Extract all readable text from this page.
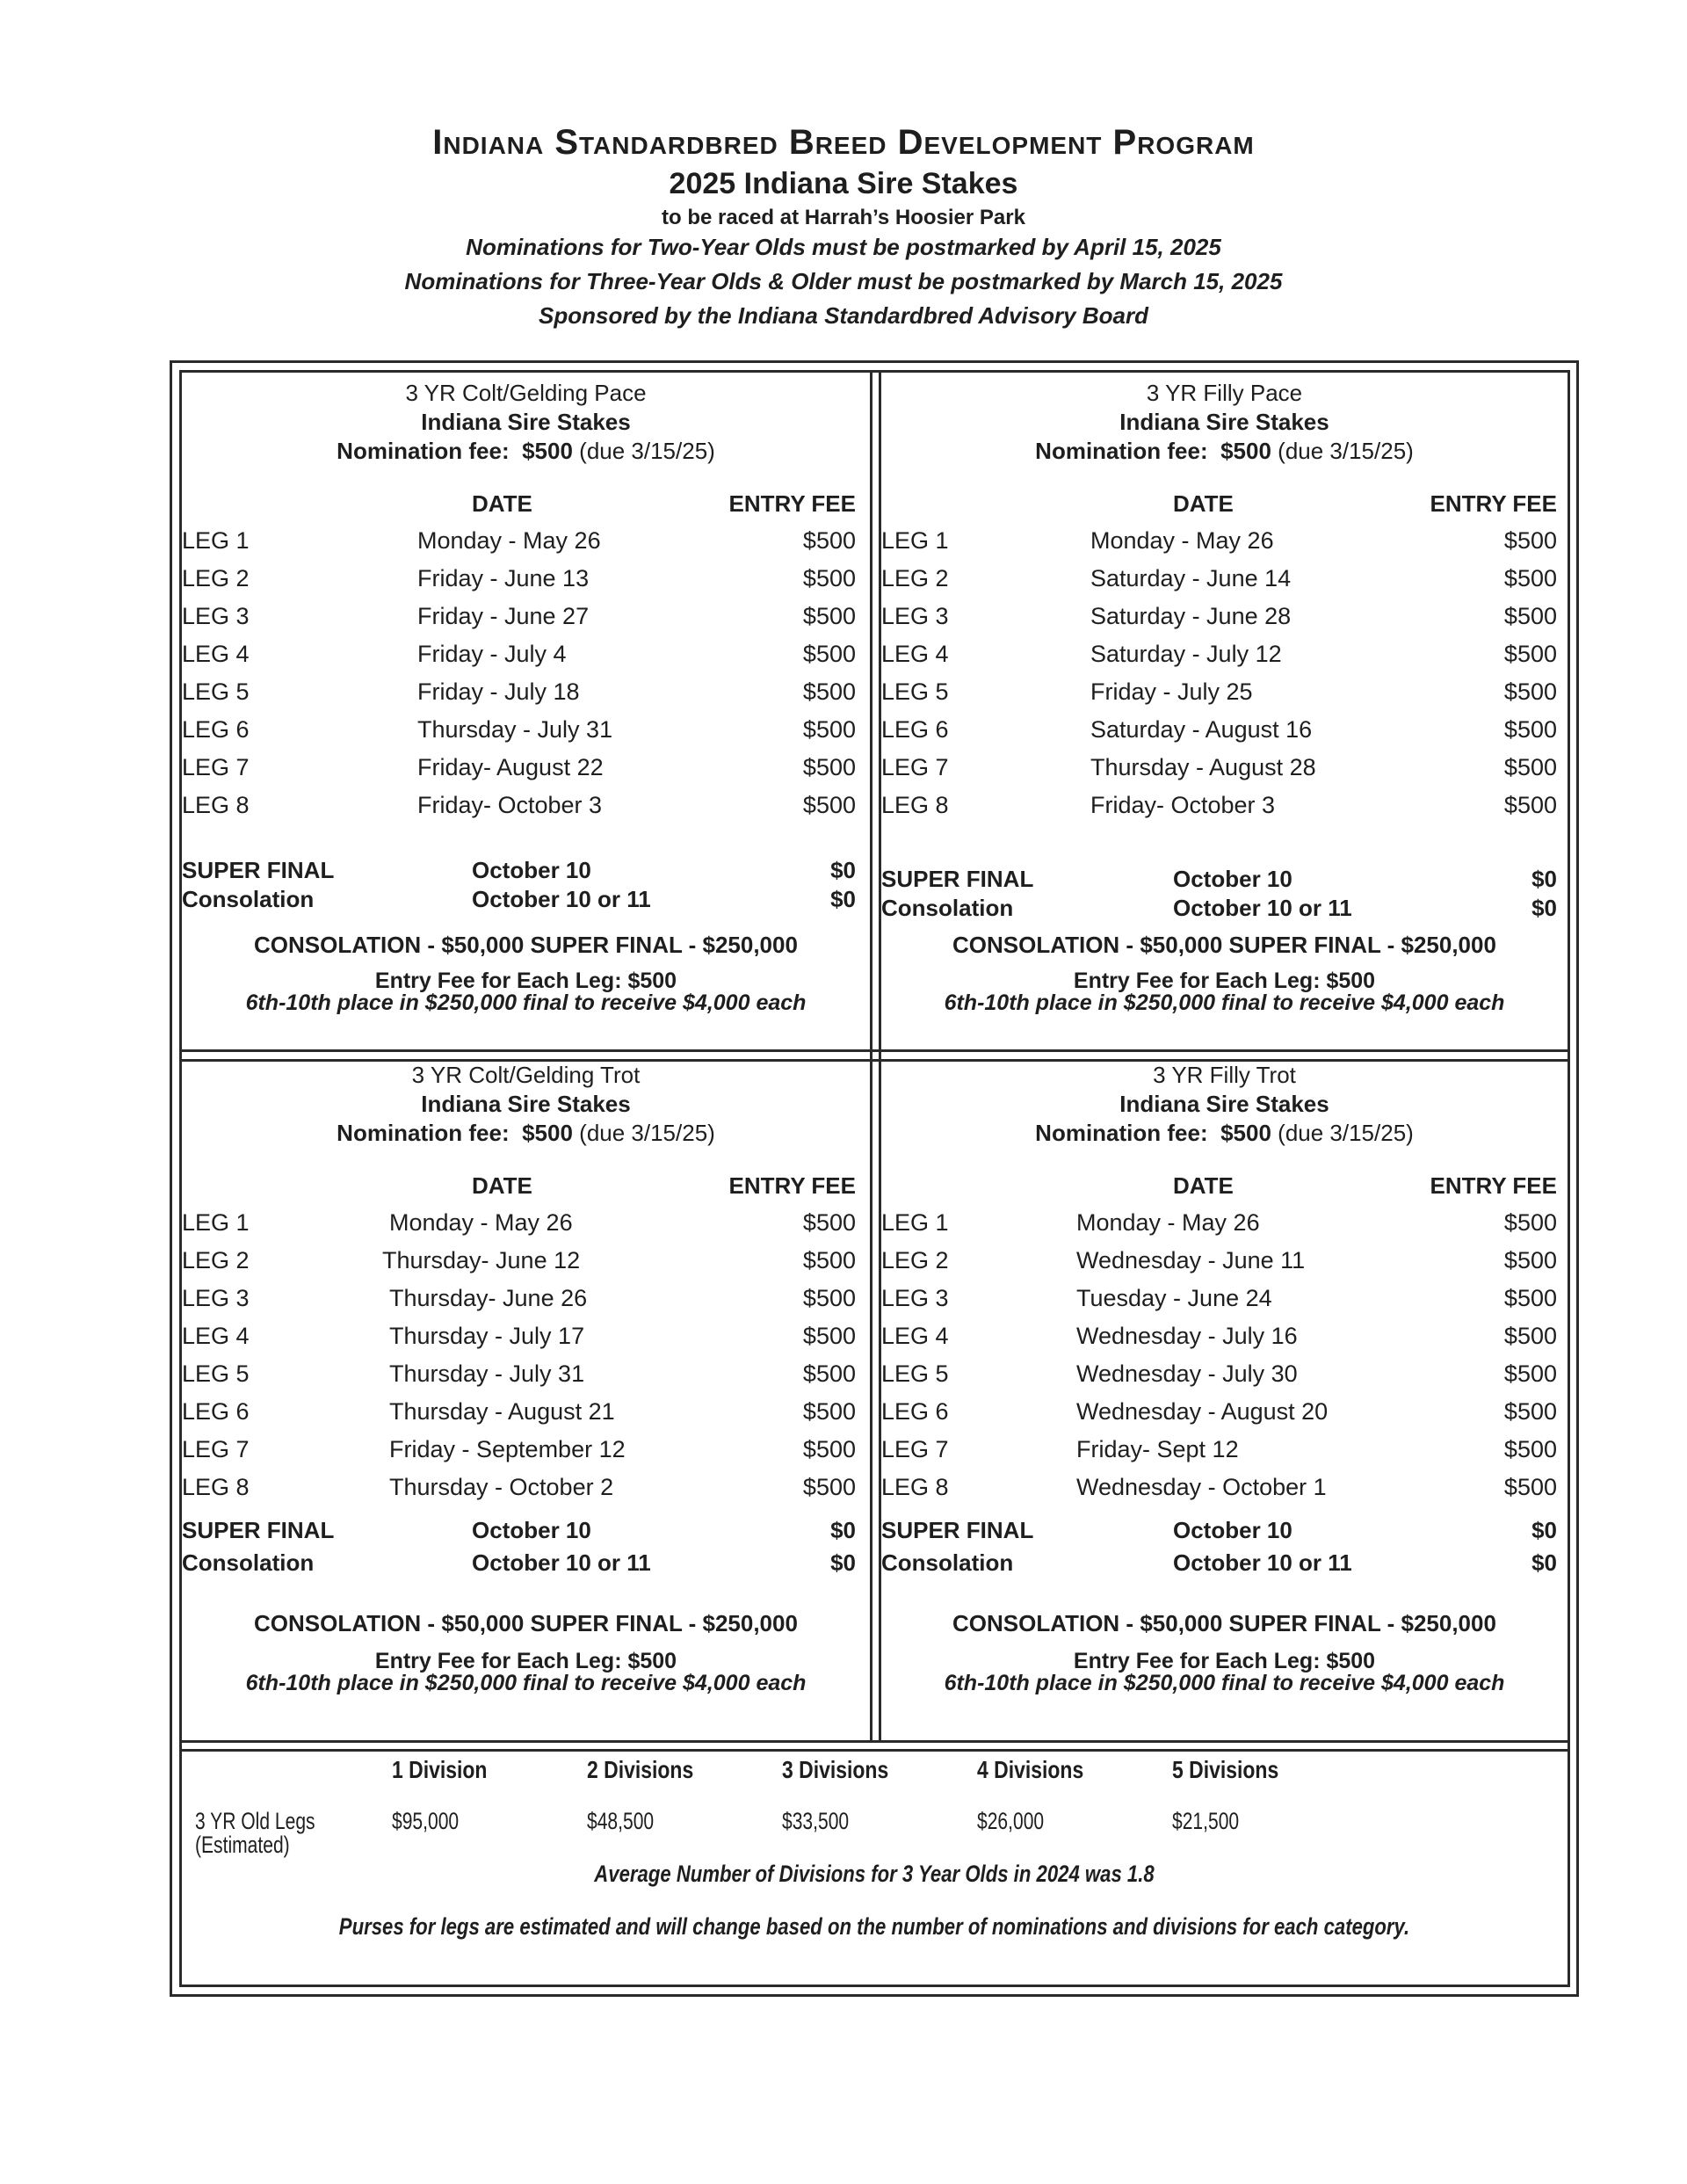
Indiana Standardbred Breed Development Program
2025 Indiana Sire Stakes
to be raced at Harrah’s Hoosier Park
Nominations for Two-Year Olds must be postmarked by April 15, 2025
Nominations for Three-Year Olds & Older must be postmarked by March 15, 2025
Sponsored by the Indiana Standardbred Advisory Board
3 YR Colt/Gelding Pace
Indiana Sire Stakes
Nomination fee: $500 (due 3/15/25)
DATE	ENTRY FEE
LEG 1	Monday - May 26	$500
LEG 2	Friday - June 13	$500
LEG 3	Friday - June 27	$500
LEG 4	Friday - July 4	$500
LEG 5	Friday - July 18	$500
LEG 6	Thursday - July 31	$500
LEG 7	Friday- August 22	$500
LEG 8	Friday- October 3	$500
SUPER FINAL	October 10	$0
Consolation	October 10 or 11	$0
CONSOLATION - $50,000 SUPER FINAL - $250,000
Entry Fee for Each Leg: $500
6th-10th place in $250,000 final to receive $4,000 each
3 YR Filly Pace
Indiana Sire Stakes
Nomination fee: $500 (due 3/15/25)
DATE	ENTRY FEE
LEG 1	Monday - May 26	$500
LEG 2	Saturday - June 14	$500
LEG 3	Saturday - June 28	$500
LEG 4	Saturday - July 12	$500
LEG 5	Friday - July 25	$500
LEG 6	Saturday - August 16	$500
LEG 7	Thursday - August 28	$500
LEG 8	Friday- October 3	$500
SUPER FINAL	October 10	$0
Consolation	October 10 or 11	$0
CONSOLATION - $50,000 SUPER FINAL - $250,000
Entry Fee for Each Leg: $500
6th-10th place in $250,000 final to receive $4,000 each
3 YR Colt/Gelding Trot
Indiana Sire Stakes
Nomination fee: $500 (due 3/15/25)
DATE	ENTRY FEE
LEG 1	Monday - May 26	$500
LEG 2	Thursday- June 12	$500
LEG 3	Thursday- June 26	$500
LEG 4	Thursday - July 17	$500
LEG 5	Thursday - July 31	$500
LEG 6	Thursday - August 21	$500
LEG 7	Friday - September 12	$500
LEG 8	Thursday - October 2	$500
SUPER FINAL	October 10	$0
Consolation	October 10 or 11	$0
CONSOLATION - $50,000 SUPER FINAL - $250,000
Entry Fee for Each Leg: $500
6th-10th place in $250,000 final to receive $4,000 each
3 YR Filly Trot
Indiana Sire Stakes
Nomination fee: $500 (due 3/15/25)
DATE	ENTRY FEE
LEG 1	Monday - May 26	$500
LEG 2	Wednesday - June 11	$500
LEG 3	Tuesday - June 24	$500
LEG 4	Wednesday - July 16	$500
LEG 5	Wednesday - July 30	$500
LEG 6	Wednesday - August 20	$500
LEG 7	Friday- Sept 12	$500
LEG 8	Wednesday - October 1	$500
SUPER FINAL	October 10	$0
Consolation	October 10 or 11	$0
CONSOLATION - $50,000 SUPER FINAL - $250,000
Entry Fee for Each Leg: $500
6th-10th place in $250,000 final to receive $4,000 each
1 Division	2 Divisions	3 Divisions	4 Divisions	5 Divisions
3 YR Old Legs
(Estimated)
$95,000	$48,500	$33,500	$26,000	$21,500
Average Number of Divisions for 3 Year Olds in 2024 was 1.8
Purses for legs are estimated and will change based on the number of nominations and divisions for each category.
